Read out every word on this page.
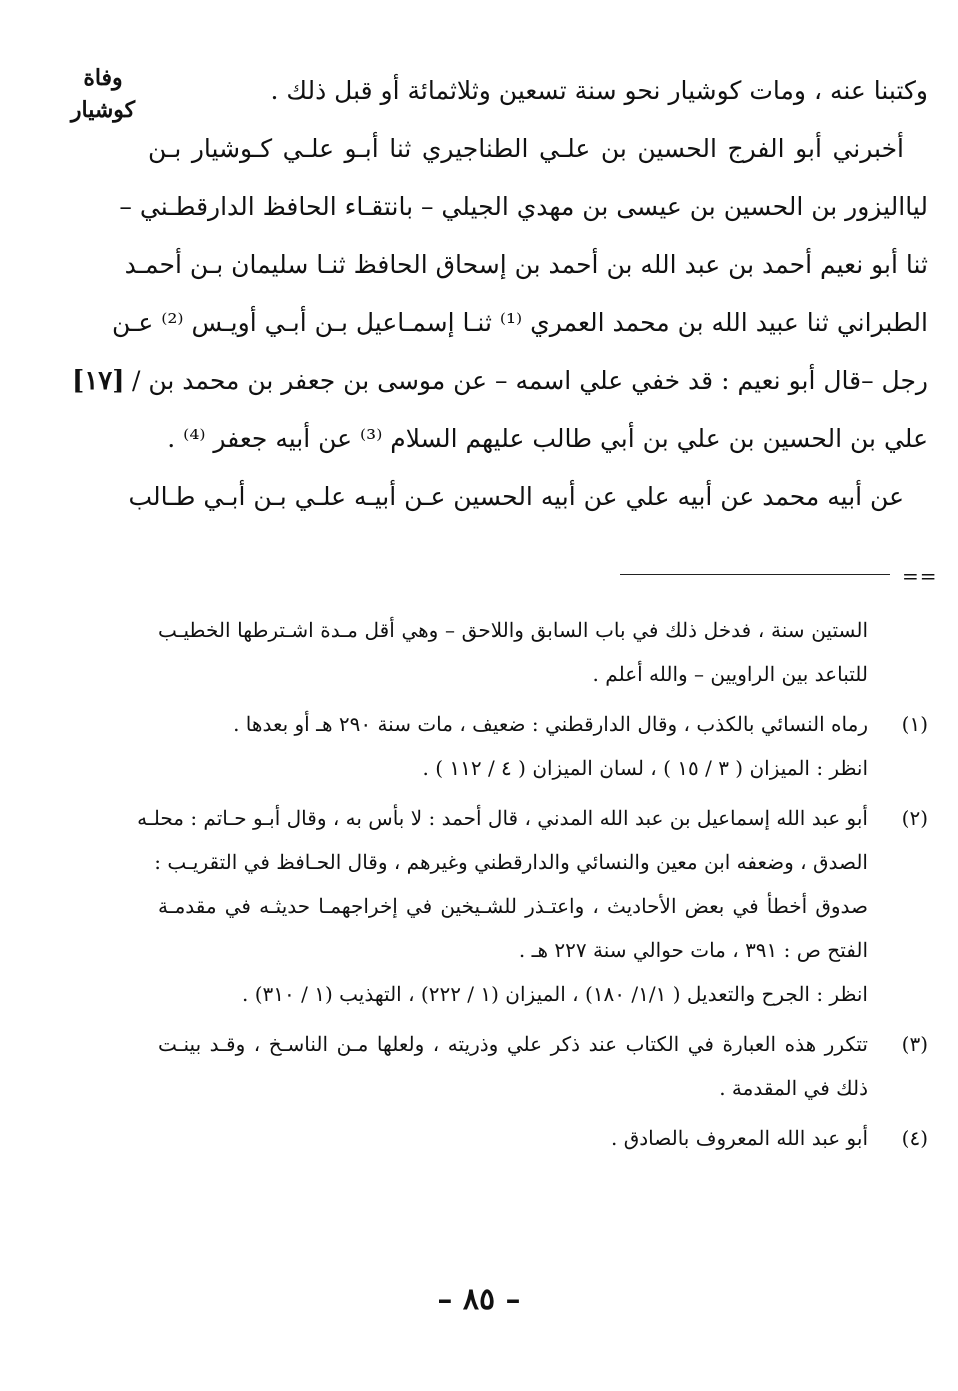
وفاة
كوشيار
[١٧]
وكتبنا عنه ، ومات كوشيار نحو سنة تسعين وثلاثمائة أو قبل ذلك .
أخبرني أبو الفرج الحسين بن علـي الطناجيري ثنا أبـو علـي كـوشيار بـن
ليااليزور بن الحسين بن عيسى بن مهدي الجيلي – بانتقـاء الحافظ الدارقطـني –
ثنا أبو نعيم أحمد بن عبد الله بن أحمد بن إسحاق الحافظ ثنـا سليمان بـن أحمـد
الطبراني ثنا عبيد الله بن محمد العمري ⁽¹⁾ ثنـا إسمـاعيل بـن أبـي أويـس ⁽²⁾ عـن
رجل –قال أبو نعيم : قد خفي علي اسمه – عن موسى بن جعفر بن محمد بن /
علي بن الحسين بن علي بن أبي طالب عليهم السلام ⁽³⁾ عن أبيه جعفر ⁽⁴⁾ .
عن أبيه محمد عن أبيه علي عن أبيه الحسين عـن أبيـه علـي بـن أبـي طـالب
==
الستين سنة ، فدخل ذلك في باب السابق واللاحق – وهي أقل مـدة اشـترطها الخطيـب
للتباعد بين الراويين – والله أعلم .
(١)
رماه النسائي بالكذب ، وقال الدارقطني : ضعيف ، مات سنة ٢٩٠ هـ أو بعدها .
انظر : الميزان ( ٣ / ١٥ ) ، لسان الميزان ( ٤ / ١١٢ ) .
(٢)
أبو عبد الله إسماعيل بن عبد الله المدني ، قال أحمد : لا بأس به ، وقال أبـو حـاتم : محلـه
الصدق ، وضعفه ابن معين والنسائي والدارقطني وغيرهم ، وقال الحـافظ في التقريـب :
صدوق أخطأ في بعض الأحاديث ، واعتـذر للشـيخين في إخراجهمـا حديثـه في مقدمـة
الفتح ص : ٣٩١ ، مات حوالي سنة ٢٢٧ هـ .
انظر : الجرح والتعديل ( ١/١/ ١٨٠) ، الميزان (١ / ٢٢٢) ، التهذيب (١ / ٣١٠) .
(٣)
تتكرر هذه العبارة في الكتاب عند ذكر علي وذريته ، ولعلها مـن الناسـخ ، وقـد بينـت
ذلك في المقدمة .
(٤)
أبو عبد الله المعروف بالصادق .
– ٨٥ –
